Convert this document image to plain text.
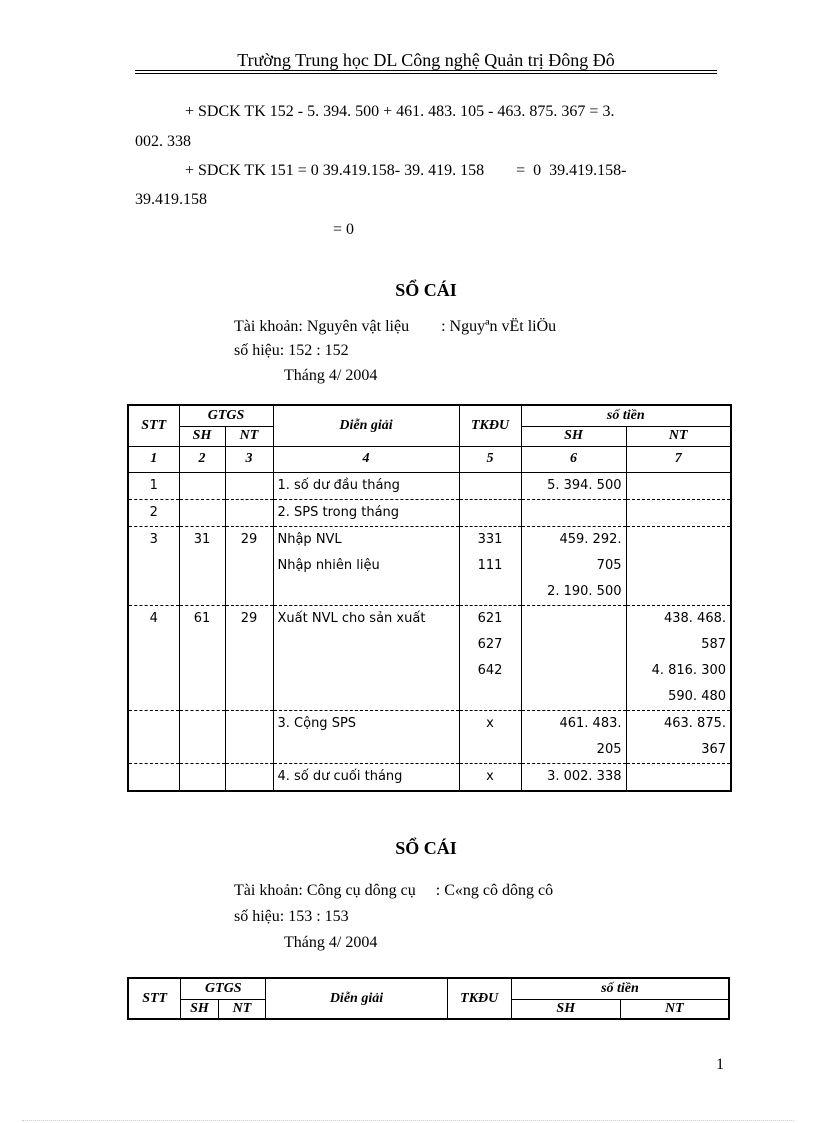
Trường Trung học DL Công nghệ Quản trị Đông Đô
+ SDCK TK 152 - 5. 394. 500 + 461. 483. 105 - 463. 875. 367 = 3.
002. 338
+ SDCK TK 151 = 0 39.419.158- 39. 419. 158        =  0  39.419.158-
39.419.158
= 0
SỔ CÁI
Tài khoản: Nguyên vật liệu        : Nguyªn vËt liÖu
số hiệu: 152 : 152
Tháng 4/ 2004
STT	GTGS		Diễn giải	TKĐU	số tiền	
	SH	NT			SH	NT
1	2	3	4	5	6	7
1			1. số dư đầu tháng		5. 394. 500	
2			2. SPS trong tháng			
3	31	29	Nhập NVL	331	459. 292.	
			Nhập nhiên liệu	111	705	
					2. 190. 500	
4	61	29	Xuất NVL cho sản xuất	621		438. 468.
				627		587
				642		4. 816. 300
						590. 480
			3. Cộng SPS	x	461. 483.	463. 875.
					205	367
			4. số dư cuối tháng	x	3. 002. 338	
SỔ CÁI
Tài khoản: Công cụ dông cụ     : C«ng cô dông cô
số hiệu: 153 : 153
Tháng 4/ 2004
STT	GTGS		Diễn giải	TKĐU	số tiền	
	SH	NT			SH	NT
1
